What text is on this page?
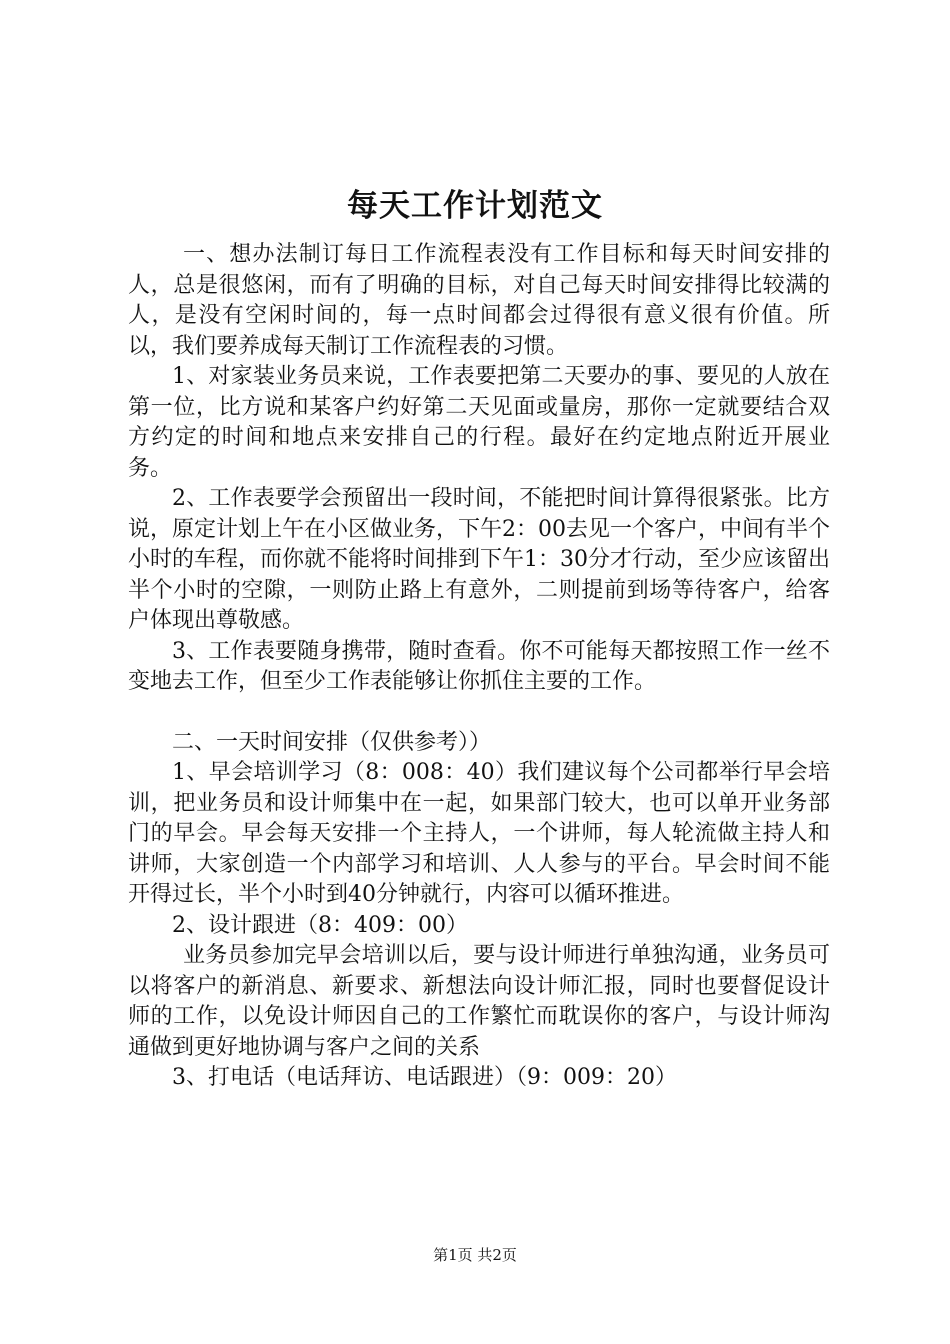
每天工作计划范文

一、想办法制订每日工作流程表没有工作目标和每天时间安排的人，总是很悠闲，而有了明确的目标，对自己每天时间安排得比较满的人，是没有空闲时间的，每一点时间都会过得很有意义很有价值。所以，我们要养成每天制订工作流程表的习惯。

1、对家装业务员来说，工作表要把第二天要办的事、要见的人放在第一位，比方说和某客户约好第二天见面或量房，那你一定就要结合双方约定的时间和地点来安排自己的行程。最好在约定地点附近开展业务。

2、工作表要学会预留出一段时间，不能把时间计算得很紧张。比方说，原定计划上午在小区做业务，下午2：00去见一个客户，中间有半个小时的车程，而你就不能将时间排到下午1：30分才行动，至少应该留出半个小时的空隙，一则防止路上有意外，二则提前到场等待客户，给客户体现出尊敬感。

3、工作表要随身携带，随时查看。你不可能每天都按照工作一丝不变地去工作，但至少工作表能够让你抓住主要的工作。

二、一天时间安排（仅供参考））

1、早会培训学习（8：008：40）我们建议每个公司都举行早会培训，把业务员和设计师集中在一起，如果部门较大，也可以单开业务部门的早会。早会每天安排一个主持人，一个讲师，每人轮流做主持人和讲师，大家创造一个内部学习和培训、人人参与的平台。早会时间不能开得过长，半个小时到40分钟就行，内容可以循环推进。

2、设计跟进（8：409：00）

业务员参加完早会培训以后，要与设计师进行单独沟通，业务员可以将客户的新消息、新要求、新想法向设计师汇报，同时也要督促设计师的工作，以免设计师因自己的工作繁忙而耽误你的客户，与设计师沟通做到更好地协调与客户之间的关系

3、打电话（电话拜访、电话跟进）（9：009：20）

第1页 共2页
